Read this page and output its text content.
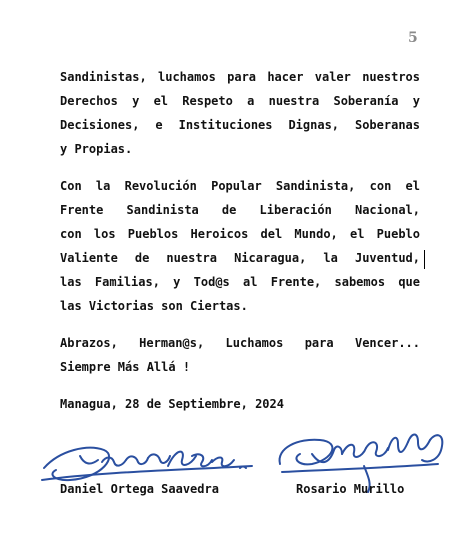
5

Sandinistas, luchamos para hacer valer nuestros
Derechos y el Respeto a nuestra Soberanía y
Decisiones, e Instituciones Dignas, Soberanas
y Propias.

Con la Revolución Popular Sandinista, con el
Frente Sandinista de Liberación Nacional,
con los Pueblos Heroicos del Mundo, el Pueblo
Valiente de nuestra Nicaragua, la Juventud,
las Familias, y Tod@s al Frente, sabemos que
las Victorias son Ciertas.

Abrazos, Herman@s, Luchamos para Vencer...
Siempre Más Allá !

Managua, 28 de Septiembre, 2024

Daniel Ortega Saavedra	Rosario Murillo
